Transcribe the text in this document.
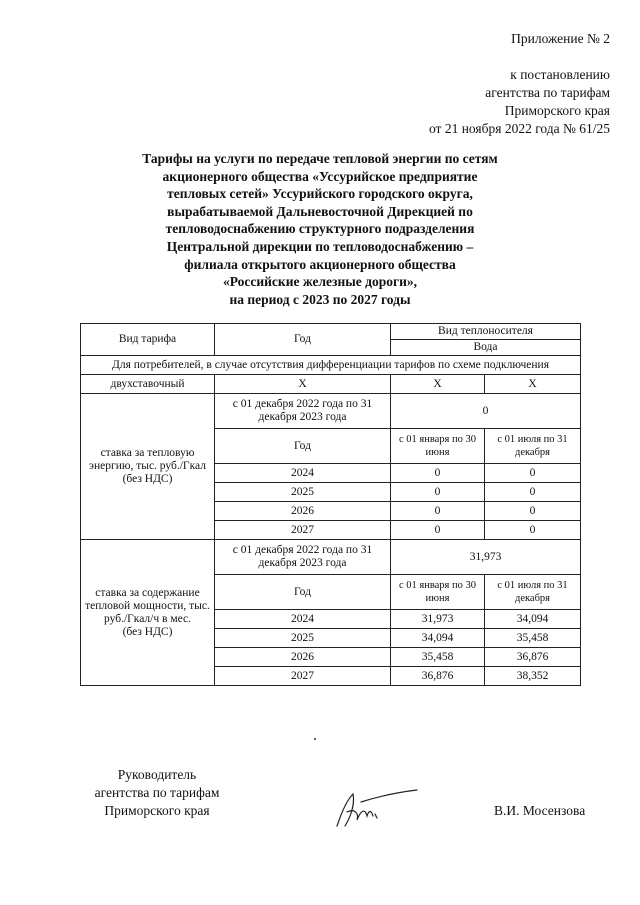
Приложение № 2
к постановлению
агентства по тарифам
Приморского края
от 21 ноября 2022 года № 61/25
Тарифы на услуги по передаче тепловой энергии по сетям
акционерного общества «Уссурийское предприятие
тепловых сетей» Уссурийского городского округа,
вырабатываемой Дальневосточной Дирекцией по
тепловодоснабжению структурного подразделения
Центральной дирекции по тепловодоснабжению –
филиала открытого акционерного общества
«Российские железные дороги»,
на период с 2023 по 2027 годы
Вид тарифа	Год	Вид теплоносителя	
		Вода	
Для потребителей, в случае отсутствия дифференциации тарифов по схеме подключения			
двухставочный	Х	Х	Х
ставка за тепловую энергию, тыс. руб./Гкал (без НДС)	с 01 декабря 2022 года по 31 декабря 2023 года	0	
	Год	с 01 января по 30 июня	с 01 июля по 31 декабря
	2024	0	0
	2025	0	0
	2026	0	0
	2027	0	0

ставка за содержание тепловой мощности, тыс. руб./Гкал/ч в мес.
(без НДС)	с 01 декабря 2022 года по 31 декабря 2023 года	31,973	
	Год	с 01 января по 30 июня	с 01 июля по 31 декабря
	2024	31,973	34,094
	2025	34,094	35,458
	2026	35,458	36,876
	2027	36,876	38,352
Руководитель
агентства по тарифам
Приморского края	В.И. Мосензова
